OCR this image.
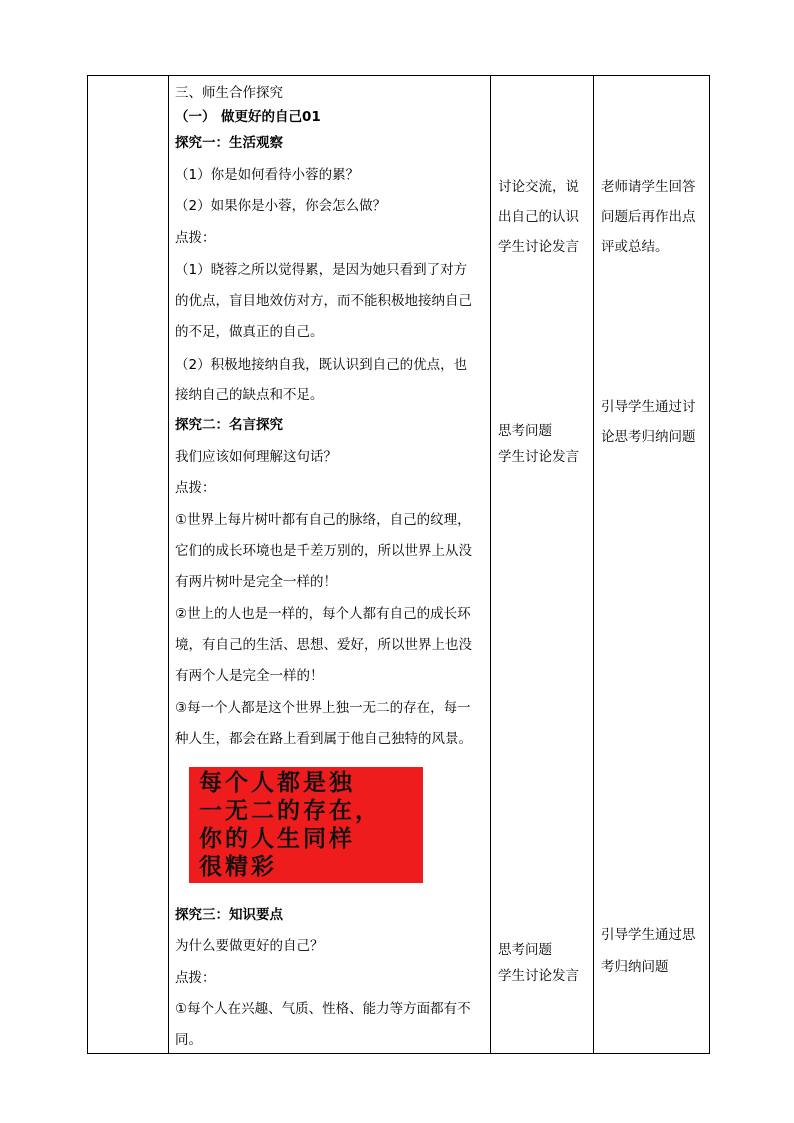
三、师生合作探究
（一） 做更好的自己01
探究一：生活观察
（1）你是如何看待小蓉的累？
（2）如果你是小蓉，你会怎么做？
点拨：
（1）晓蓉之所以觉得累，是因为她只看到了对方
的优点，盲目地效仿对方，而不能积极地接纳自己
的不足，做真正的自己。
（2）积极地接纳自我，既认识到自己的优点，也
接纳自己的缺点和不足。
探究二：名言探究
我们应该如何理解这句话？
点拨：
①世界上每片树叶都有自己的脉络，自己的纹理，
它们的成长环境也是千差万别的，所以世界上从没
有两片树叶是完全一样的！
②世上的人也是一样的，每个人都有自己的成长环
境，有自己的生活、思想、爱好，所以世界上也没
有两个人是完全一样的！
③每一个人都是这个世界上独一无二的存在，每一
种人生，都会在路上看到属于他自己独特的风景。
每个人都是独
一无二的存在，
你的人生同样
很精彩
探究三：知识要点
为什么要做更好的自己？
点拨：
①每个人在兴趣、气质、性格、能力等方面都有不
同。

讨论交流，说
出自己的认识
学生讨论发言
思考问题
学生讨论发言
思考问题
学生讨论发言

老师请学生回答
问题后再作出点
评或总结。
引导学生通过讨
论思考归纳问题
引导学生通过思
考归纳问题
